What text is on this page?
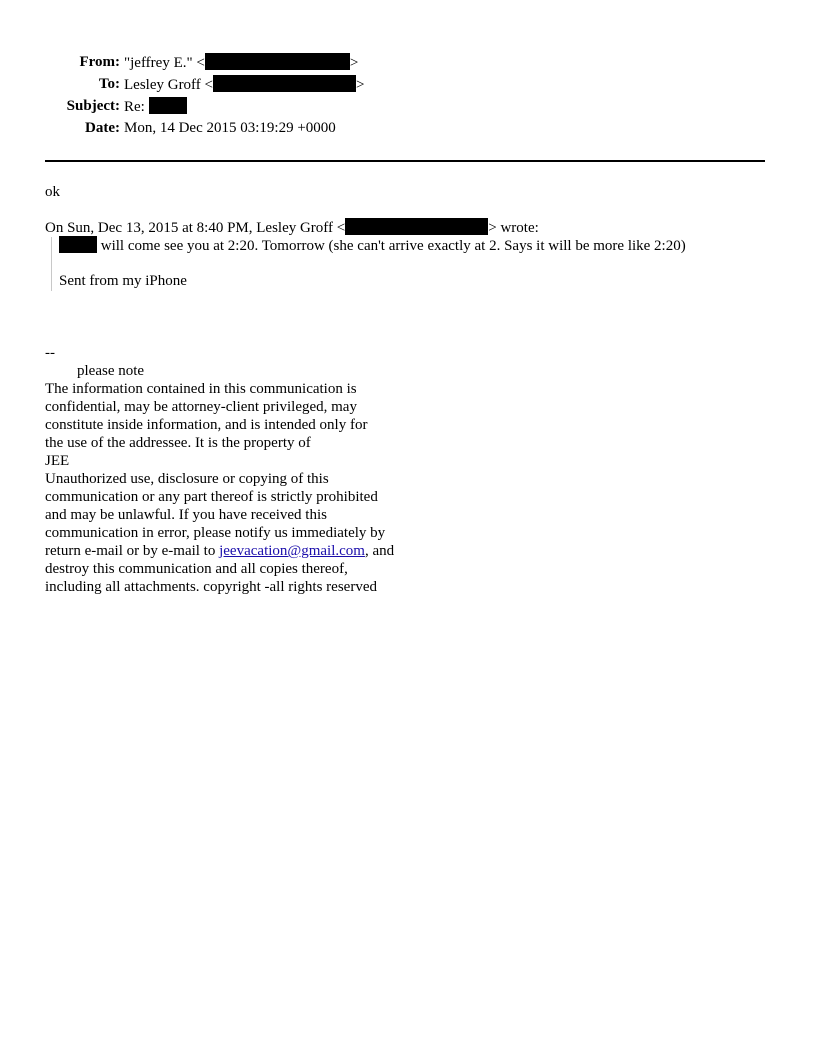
From: "jeffrey E." <	>
To: Lesley Groff <	>
Subject: Re:
Date: Mon, 14 Dec 2015 03:19:29 +0000
ok
On Sun, Dec 13, 2015 at 8:40 PM, Lesley Groff <	> wrote:
will come see you at 2:20. Tomorrow (she can't arrive exactly at 2. Says it will be more like 2:20)
Sent from my iPhone
--
please note
The information contained in this communication is
confidential, may be attorney-client privileged, may
constitute inside information, and is intended only for
the use of the addressee. It is the property of
JEE
Unauthorized use, disclosure or copying of this
communication or any part thereof is strictly prohibited
and may be unlawful. If you have received this
communication in error, please notify us immediately by
return e-mail or by e-mail to jeevacation@gmail.com, and
destroy this communication and all copies thereof,
including all attachments. copyright -all rights reserved
